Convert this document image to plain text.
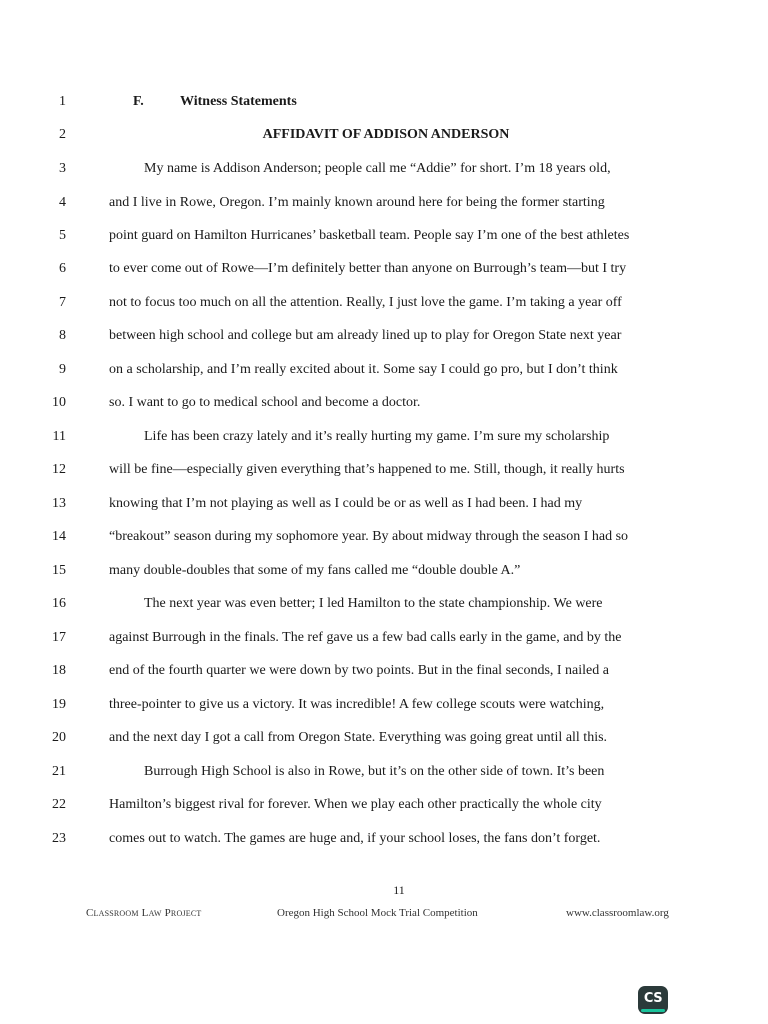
1
2
3
4
5
6
7
8
9
10
11
12
13
14
15
16
17
18
19
20
21
22
23
F.	Witness Statements
AFFIDAVIT OF ADDISON ANDERSON
My name is Addison Anderson; people call me “Addie” for short. I’m 18 years old,
and I live in Rowe, Oregon. I’m mainly known around here for being the former starting
point guard on Hamilton Hurricanes’ basketball team. People say I’m one of the best athletes
to ever come out of Rowe—I’m definitely better than anyone on Burrough’s team—but I try
not to focus too much on all the attention. Really, I just love the game. I’m taking a year off
between high school and college but am already lined up to play for Oregon State next year
on a scholarship, and I’m really excited about it. Some say I could go pro, but I don’t think
so. I want to go to medical school and become a doctor.
Life has been crazy lately and it’s really hurting my game. I’m sure my scholarship
will be fine—especially given everything that’s happened to me. Still, though, it really hurts
knowing that I’m not playing as well as I could be or as well as I had been. I had my
“breakout” season during my sophomore year. By about midway through the season I had so
many double-doubles that some of my fans called me “double double A.”
The next year was even better; I led Hamilton to the state championship. We were
against Burrough in the finals. The ref gave us a few bad calls early in the game, and by the
end of the fourth quarter we were down by two points. But in the final seconds, I nailed a
three-pointer to give us a victory. It was incredible! A few college scouts were watching,
and the next day I got a call from Oregon State. Everything was going great until all this.
Burrough High School is also in Rowe, but it’s on the other side of town. It’s been
Hamilton’s biggest rival for forever. When we play each other practically the whole city
comes out to watch. The games are huge and, if your school loses, the fans don’t forget.
11
Classroom Law Project	Oregon High School Mock Trial Competition	www.classroomlaw.org
CS
